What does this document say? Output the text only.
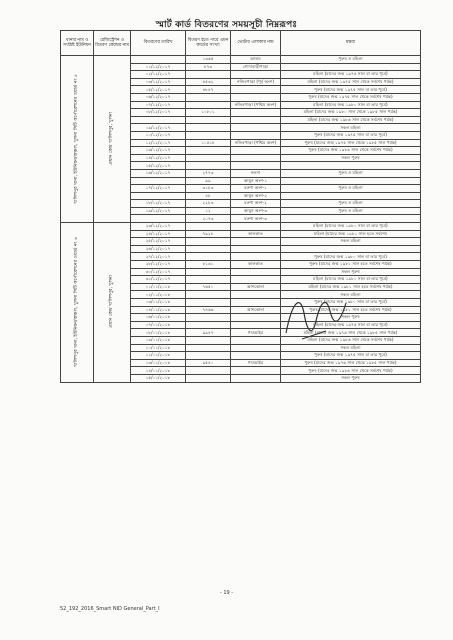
স্মার্ট কার্ড বিতরণের সময়সূচী নিম্নরূপঃ
থানার নাম ও সংশ্লিষ্ট ইউনিয়ন	রেজিস্ট্রেশন ও বিতরণ কেন্দ্রের নাম	বিতরণের তারিখ	বিতরণ হতে পারে এমন কার্ডের সংখ্যা	ভোটার এলাকার নাম	মন্তব্য
খালিশপুর থানা, ইউনিয়ন/অঞ্চল, খুলনা সিটি কর্পোরেশনের ওয়ার্ড নং ৫	প্রধান কেন্দ্র খালিশপুর, খুলনা		১৩৬৫	আলম	পুরুষ ও মহিলা
		০১/১২/২০১৭	৮৭৩	গোদাবাড়ীপাড়া	
		০২/১২/২০১৭			মহিলা (যাদের জন্ম ১৯৭৫ সাল বা তার পূর্বে)
		০৩/১২/২০১৭	৪৫৩২	নজিবপাড়া (পূর্ব অংশ)	মহিলা (যাদের জন্ম ১৯৭৫ সাল থেকে সর্বশেষ পর্যন্ত)
		০৫/১২/২০১৭	৪৮৪৭		পুরুষ (যাদের জন্ম ১৯৭৫ সাল বা তার পূর্বে)
		০৬/১২/২০১৭			পুরুষ (যাদের জন্ম ১৯৭৫ সাল থেকে সর্বশেষ পর্যন্ত)
		০৭/১২/২০১৭		নজিবপাড়া (পশ্চিম অংশ)	মহিলা (যাদের জন্ম ১৯৮০ সাল বা তার পূর্বে)
		০৮/১২/২০১৭	১০৮০১		মহিলা (যাদের জন্ম ১৯৮০ সাল থেকে ১৯৮৫ সাল পর্যন্ত)
					মহিলা (যাদের জন্ম ১৯৮৬ সাল থেকে সর্বশেষ পর্যন্ত)
		০৯/১২/২০১৭			সকল মহিলা
		১০/১২/২০১৭			পুরুষ (যাদের জন্ম ১৯৭৫ সাল বা তার পূর্বে)
		১২/১২/২০১৭	১০৫১৮	নজিবপাড়া (পশ্চিম অংশ)	পুরুষ (যাদের জন্ম ১৯৭৫ সাল থেকে ১৯৮৫ সাল পর্যন্ত)
		১৩/১২/২০১৭			পুরুষ (যাদের জন্ম ১৯৮৬ সাল থেকে সর্বশেষ পর্যন্ত)
		১৪/১২/২০১৭			সকল পুরুষ
		১৫/১২/২০১৭			
		১৬/১২/২০১৭	২৭৭৩	নলসা	পুরুষ ও মহিলা
			৯৯	আমুন অংশ-১	
		১৭/১২/২০১৭	৩১৮৩	বরুণা অংশ-১	পুরুষ ও মহিলা
			৪৮	আমুন অংশ-২	
		১৮/১২/২০১৭	২২৮৩	বরুণা অংশ-২	পুরুষ ও মহিলা
		১৯/১২/২০১৭	১২	আমুন অংশ-৩	পুরুষ ও মহিলা
			২০৭৩	বরুণা অংশ-৩	
খালিশপুর থানা, ইউনিয়ন/অঞ্চল, খুলনা সিটি কর্পোরেশনের ওয়ার্ড নং ৬	প্রধান কেন্দ্র খালিশপুর, খুলনা	২৩/১২/২০১৭			মহিলা (যাদের জন্ম ১৯৮০ সাল বা তার পূর্বে)
		২৪/১২/২০১৭	৭৯২৮	কালকাত	মহিলা (যাদের জন্ম ১৯৮১ সাল হতে সর্বশেষ
		২৫/১২/২০১৭			সকল মহিলা
		২৬/১২/২০১৭			
		২৭/১২/২০১৭			পুরুষ (যাদের জন্ম ১৯৮০ সাল বা তার পূর্বে)
		২৮/১২/২০১৭	৮১৩১	কালকাত	পুরুষ (যাদের জন্ম ১৯৮১ সাল হতে সর্বশেষ পর্যন্ত)
		৩০/১২/২০১৭			সকল পুরুষ
		৩১/১২/২০১৭			মহিলা (যাদের জন্ম ১৯৮০ সাল বা তার পূর্বে)
		০১/০১/২০১৮	৭৬৫০	আশকোনা	মহিলা (যাদের জন্ম ১৯৮১ সাল হতে সর্বশেষ পর্যন্ত)
		০২/০১/২০১৮			সকল মহিলা
		০৩/০১/২০১৮			পুরুষ (যাদের জন্ম ১৯৮০ সাল বা তার পূর্বে)
		০৪/০১/২০১৮	৭৪৬৬	আশকোনা	পুরুষ (যাদের জন্ম ১৯৮১ সাল হতে সর্বশেষ পর্যন্ত)
		০৬/০১/২০১৮			সকল পুরুষ
		০৭/০১/২০১৮			মহিলা (যাদের জন্ম ১৯৭৫ সাল বা তার পূর্বে)
		০৮/০১/২০১৮	৯৯৪৭	গাওয়াইর	মহিলা (যাদের জন্ম ১৯৭৬ সাল থেকে ১৯৮৫ সাল পর্যন্ত)
		০৯/০১/২০১৮			মহিলা (যাদের জন্ম ১৯৮৬ সাল থেকে সর্বশেষ পর্যন্ত)
		১০/০১/২০১৮			সকল মহিলা
		১১/০১/২০১৮			পুরুষ (যাদের জন্ম ১৯৭৫ সাল বা তার পূর্বে)
		১৩/০১/২০১৮	৯৫৪০	গাওয়াইর	পুরুষ (যাদের জন্ম ১৯৭৬ সাল থেকে ১৯৮৫ সাল পর্যন্ত)
		১৪/০১/২০১৮			পুরুষ (যাদের জন্ম ১৯৮৬ সাল থেকে সর্বশেষ পর্যন্ত)
		১৫/০১/২০১৮			সকল পুরুষ
- 19 -
52_192_2016_Smart NID General_Part_I
